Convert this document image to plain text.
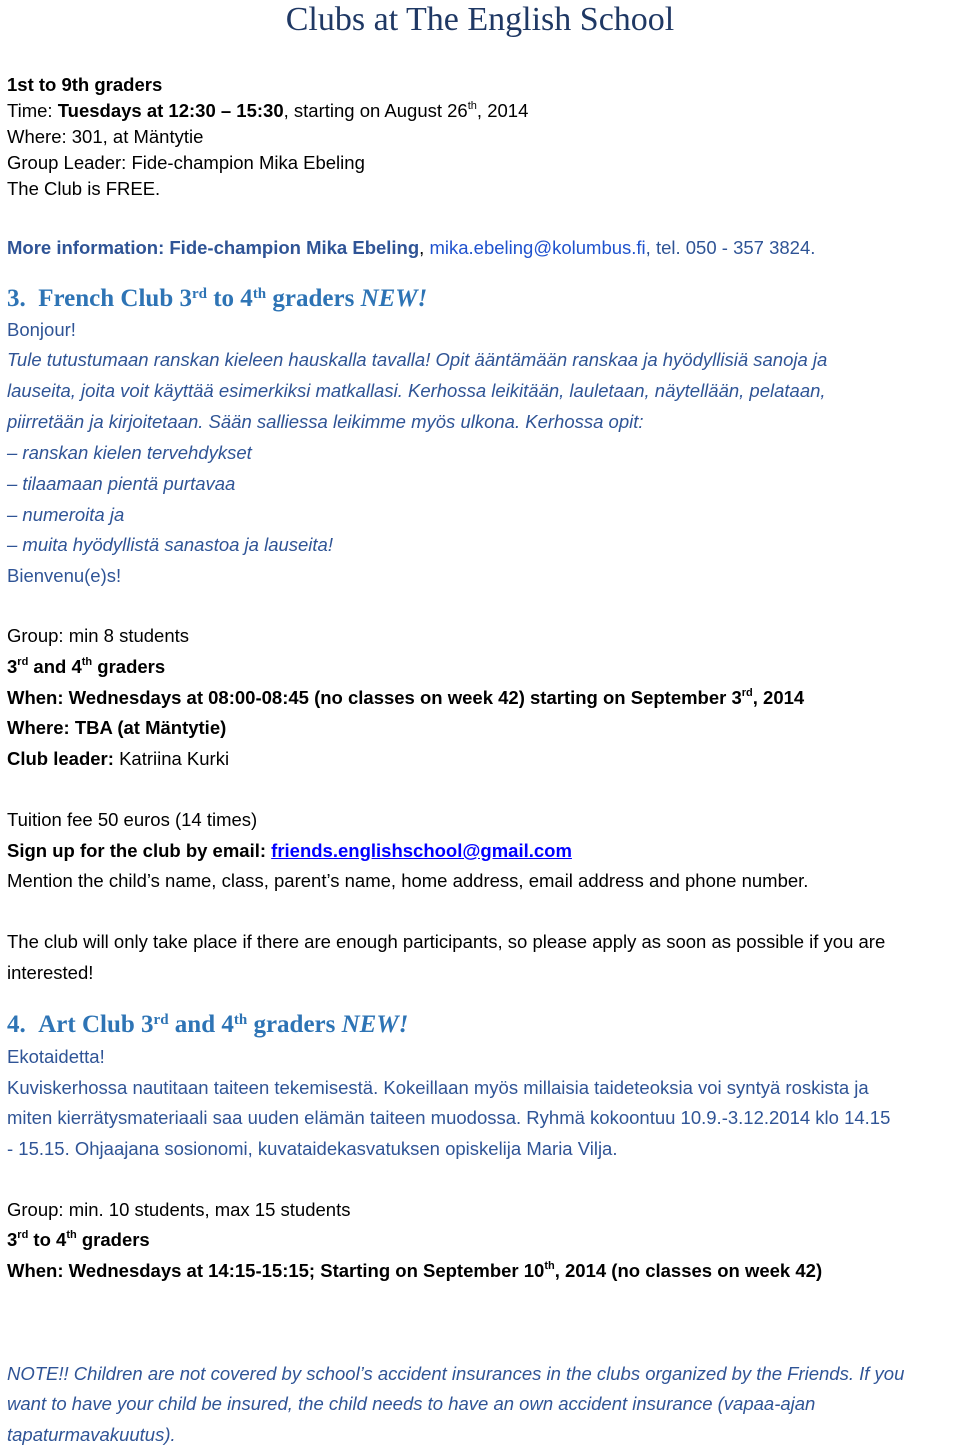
Clubs at The English School
1st to 9th graders
Time: Tuesdays at 12:30 – 15:30, starting on August 26th, 2014
Where: 301, at Mäntytie
Group Leader: Fide-champion Mika Ebeling
The Club is FREE.
More information: Fide-champion Mika Ebeling, mika.ebeling@kolumbus.fi, tel. 050 - 357 3824.
3. French Club 3rd to 4th graders NEW!
Bonjour!
Tule tutustumaan ranskan kieleen hauskalla tavalla! Opit ääntämään ranskaa ja hyödyllisiä sanoja ja
lauseita, joita voit käyttää esimerkiksi matkallasi. Kerhossa leikitään, lauletaan, näytellään, pelataan,
piirretään ja kirjoitetaan. Sään salliessa leikimme myös ulkona. Kerhossa opit:
– ranskan kielen tervehdykset
– tilaamaan pientä purtavaa
– numeroita ja
– muita hyödyllistä sanastoa ja lauseita!
Bienvenu(e)s!
Group: min 8 students
3rd and 4th graders
When: Wednesdays at 08:00-08:45 (no classes on week 42) starting on September 3rd, 2014
Where: TBA (at Mäntytie)
Club leader: Katriina Kurki
Tuition fee 50 euros (14 times)
Sign up for the club by email: friends.englishschool@gmail.com
Mention the child’s name, class, parent’s name, home address, email address and phone number.
The club will only take place if there are enough participants, so please apply as soon as possible if you are
interested!
4. Art Club 3rd and 4th graders NEW!
Ekotaidetta!
Kuviskerhossa nautitaan taiteen tekemisestä. Kokeillaan myös millaisia taideteoksia voi syntyä roskista ja
miten kierrätysmateriaali saa uuden elämän taiteen muodossa. Ryhmä kokoontuu 10.9.-3.12.2014 klo 14.15
- 15.15. Ohjaajana sosionomi, kuvataidekasvatuksen opiskelija Maria Vilja.
Group: min. 10 students, max 15 students
3rd to 4th graders
When: Wednesdays at 14:15-15:15; Starting on September 10th, 2014 (no classes on week 42)
NOTE!! Children are not covered by school’s accident insurances in the clubs organized by the Friends. If you
want to have your child be insured, the child needs to have an own accident insurance (vapaa-ajan
tapaturmavakuutus).
